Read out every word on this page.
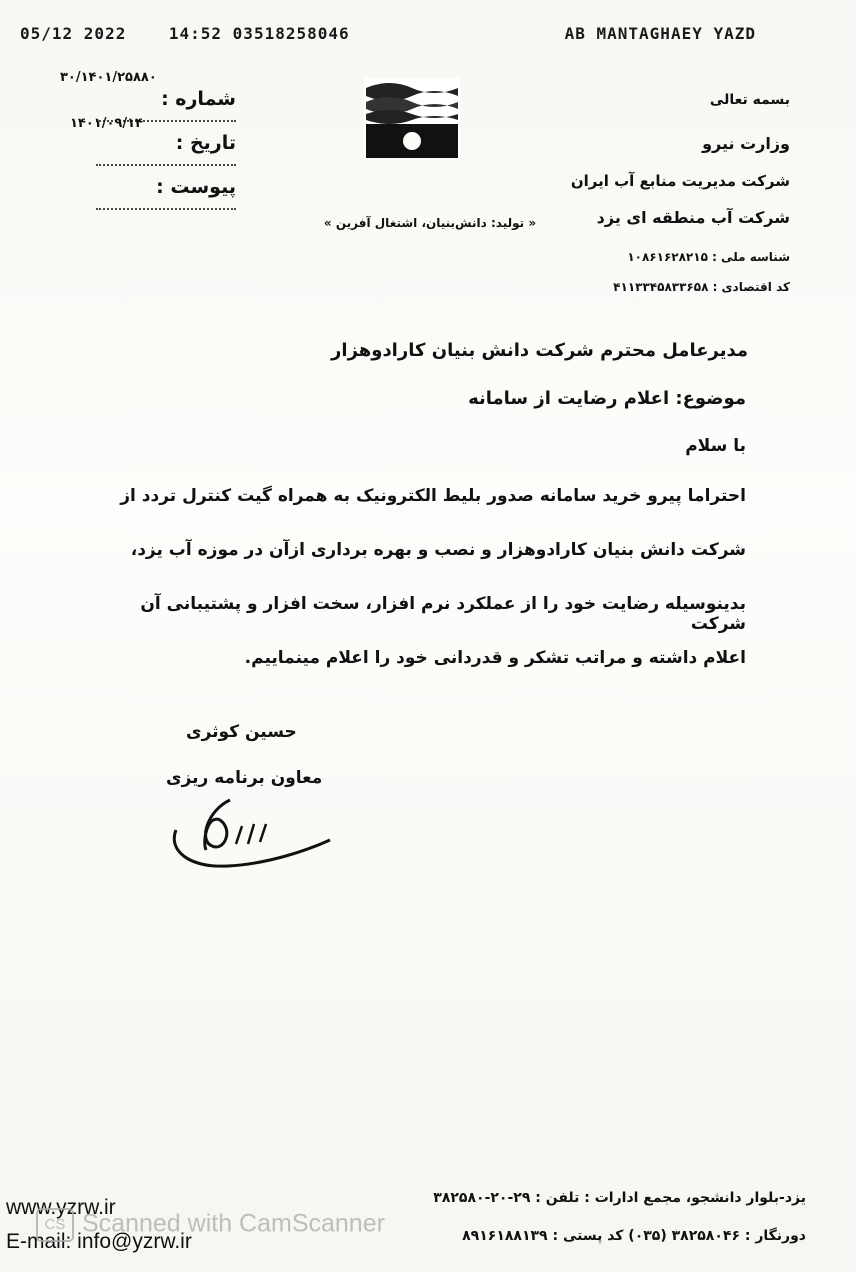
05/12 2022	14:52 03518258046	AB MANTAGHAEY YAZD
۳۰/۱۴۰۱/۲۵۸۸۰
شماره :
۱۴۰۱/۰۹/۱۴
تاریخ :
پیوست :
« تولید: دانش‌بنیان، اشتغال آفرین »
بسمه تعالی
وزارت نیرو
شرکت مدیریت منابع آب ایران
شرکت آب منطقه ای یزد
شناسه ملی : ۱۰۸۶۱۶۲۸۲۱۵
کد اقتصادی : ۴۱۱۳۳۴۵۸۳۳۶۵۸
مدیرعامل محترم شرکت دانش بنیان کارادوهزار
موضوع: اعلام رضایت از سامانه
با سلام
احتراما پیرو خرید سامانه صدور بلیط الکترونیک به همراه گیت کنترل تردد از
شرکت دانش بنیان کارادوهزار و نصب و بهره برداری ازآن در موزه آب یزد،
بدینوسیله رضایت خود را از عملکرد نرم افزار، سخت افزار و پشتیبانی آن شرکت
اعلام داشته و مراتب تشکر و قدردانی خود را اعلام مینماییم.
حسین کوثری
معاون برنامه ریزی
یزد-بلوار دانشجو، مجمع ادارات : تلفن : ۲۹-۲۰-۳۸۲۵۸۰
دورنگار : ۳۸۲۵۸۰۴۶ (۰۳۵) کد پستی : ۸۹۱۶۱۸۸۱۳۹
www.yzrw.ir
E-mail: info@yzrw.ir
CS Scanned with CamScanner
